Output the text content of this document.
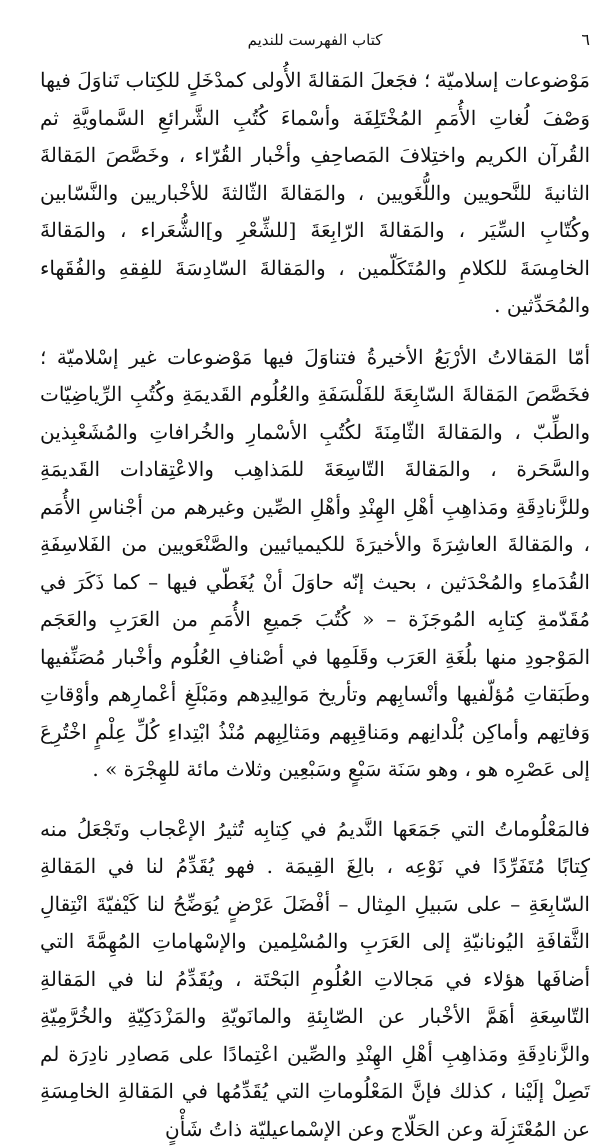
٦
كتاب الفهرست للنديم

مَوْضوعات إسلاميّة ؛ فجَعلَ المَقالةَ الأُولى كمدْخَلٍ للكِتاب تَناوَلَ فيها وَصْفَ لُغاتِ الأُمَمِ المُخْتَلِفَة وأسْماءَ كُتُبِ الشَّرائعِ السَّماويَّةِ ثم القُرآن الكريم واختِلافَ المَصاحِفِ وأخْبار القُرّاء ، وخَصَّصَ المَقالةَ الثانيةَ للنَّحويين واللُّغَويين ، والمَقالةَ الثّالثةَ للأخْباريين والنَّسّابين وكُتّابِ السِّيَر ، والمَقالةَ الرّابِعَةَ [للشِّعْرِ و]الشُّعَراء ، والمَقالةَ الخامِسَةَ للكلامِ والمُتَكَلّمين ، والمَقالةَ السّادِسَةَ للفِقهِ والفُقَهاء والمُحَدِّثين .

أمّا المَقالاتُ الأرْبَعُ الأخيرةُ فتناوَلَ فيها مَوْضوعات غير إسْلاميّة ؛ فخَصَّصَ المَقالةَ السّابِعَةَ للفَلْسَفَةِ والعُلُوم القَديمَةِ وكُتُبِ الرِّياضِيّات والطِّبّ ، والمَقالةَ الثّامِنَةَ لكُتُبِ الأسْمارِ والخُرافاتِ والمُشَعْبِذين والسَّحَرة ، والمَقالةَ التّاسِعَةَ للمَذاهِب والاعْتِقادات القَديمَةِ وللزَّنادِقَةِ ومَذاهِبِ أهْلِ الهِنْدِ وأهْلِ الصِّين وغيرهم من أجْناسِ الأُمَم ، والمَقالةَ العاشِرَةَ والأخيرَةَ للكيميائيين والصَّنْعَويين من الفَلاسِفَةِ القُدَماءِ والمُحْدَثين ، بحيث إنّه حاوَلَ أنْ يُغَطّي فيها – كما ذَكَرَ في مُقَدّمةِ كِتابِه المُوجَزَة – « كُتُبَ جَميعِ الأُمَمِ من العَرَبِ والعَجَم المَوْجودِ منها بلُغَةِ العَرَب وقَلَمِها في أصْنافِ العُلُوم وأخْبار مُصَنِّفيها وطَبَقاتِ مُؤلّفيها وأنْسابِهم وتأريخ مَوالِيدِهم ومَبْلَغِ أعْمارِهم وأوْقاتِ وَفاتِهم وأماكِن بُلْدانِهم ومَناقِبِهم ومَثالِبِهم مُنْذُ ابْتِداءِ كُلِّ عِلْمٍ اخْتُرِعَ إلى عَصْرِه هو ، وهو سَنَة سَبْعٍ وسَبْعِين وثلاث مائة للهِجْرَة » .

فالمَعْلُوماتُ التي جَمَعَها النَّديمُ في كِتابِه تُثيرُ الإعْجاب وتَجْعَلُ منه كِتابًا مُتَفَرِّدًا في نَوْعِه ، بالِغَ القِيمَة . فهو يُقَدِّمُ لنا في المَقالةِ السّابِعَةِ – على سَبيلِ المِثال – أفْضَلَ عَرْضٍ يُوَضِّحُ لنا كَيْفيّةَ انْتِقالِ الثَّقافَةِ اليُونانيّةِ إلى العَرَبِ والمُسْلِمين والإسْهاماتِ المُهِمَّةَ التي أضافَها هؤلاء في مَجالاتِ العُلُومِ البَحْتَة ، ويُقَدِّمُ لنا في المَقالةِ التّاسِعَةِ أهَمَّ الأخْبار عن الصّابِئةِ والمانَويّةِ والمَزْدَكِيّةِ والخُرَّمِيّةِ والزَّنادِقَةِ ومَذاهِبِ أهْلِ الهِنْدِ والصِّين اعْتِمادًا على مَصادِر نادِرَة لم تَصِلْ إلَيْنا ، كذلك فإنَّ المَعْلُوماتِ التي يُقَدِّمُها في المَقالةِ الخامِسَةِ عن المُعْتَزِلَة وعن الحَلّاج وعن الإسْماعيليّة ذاتُ شَأْنٍ
